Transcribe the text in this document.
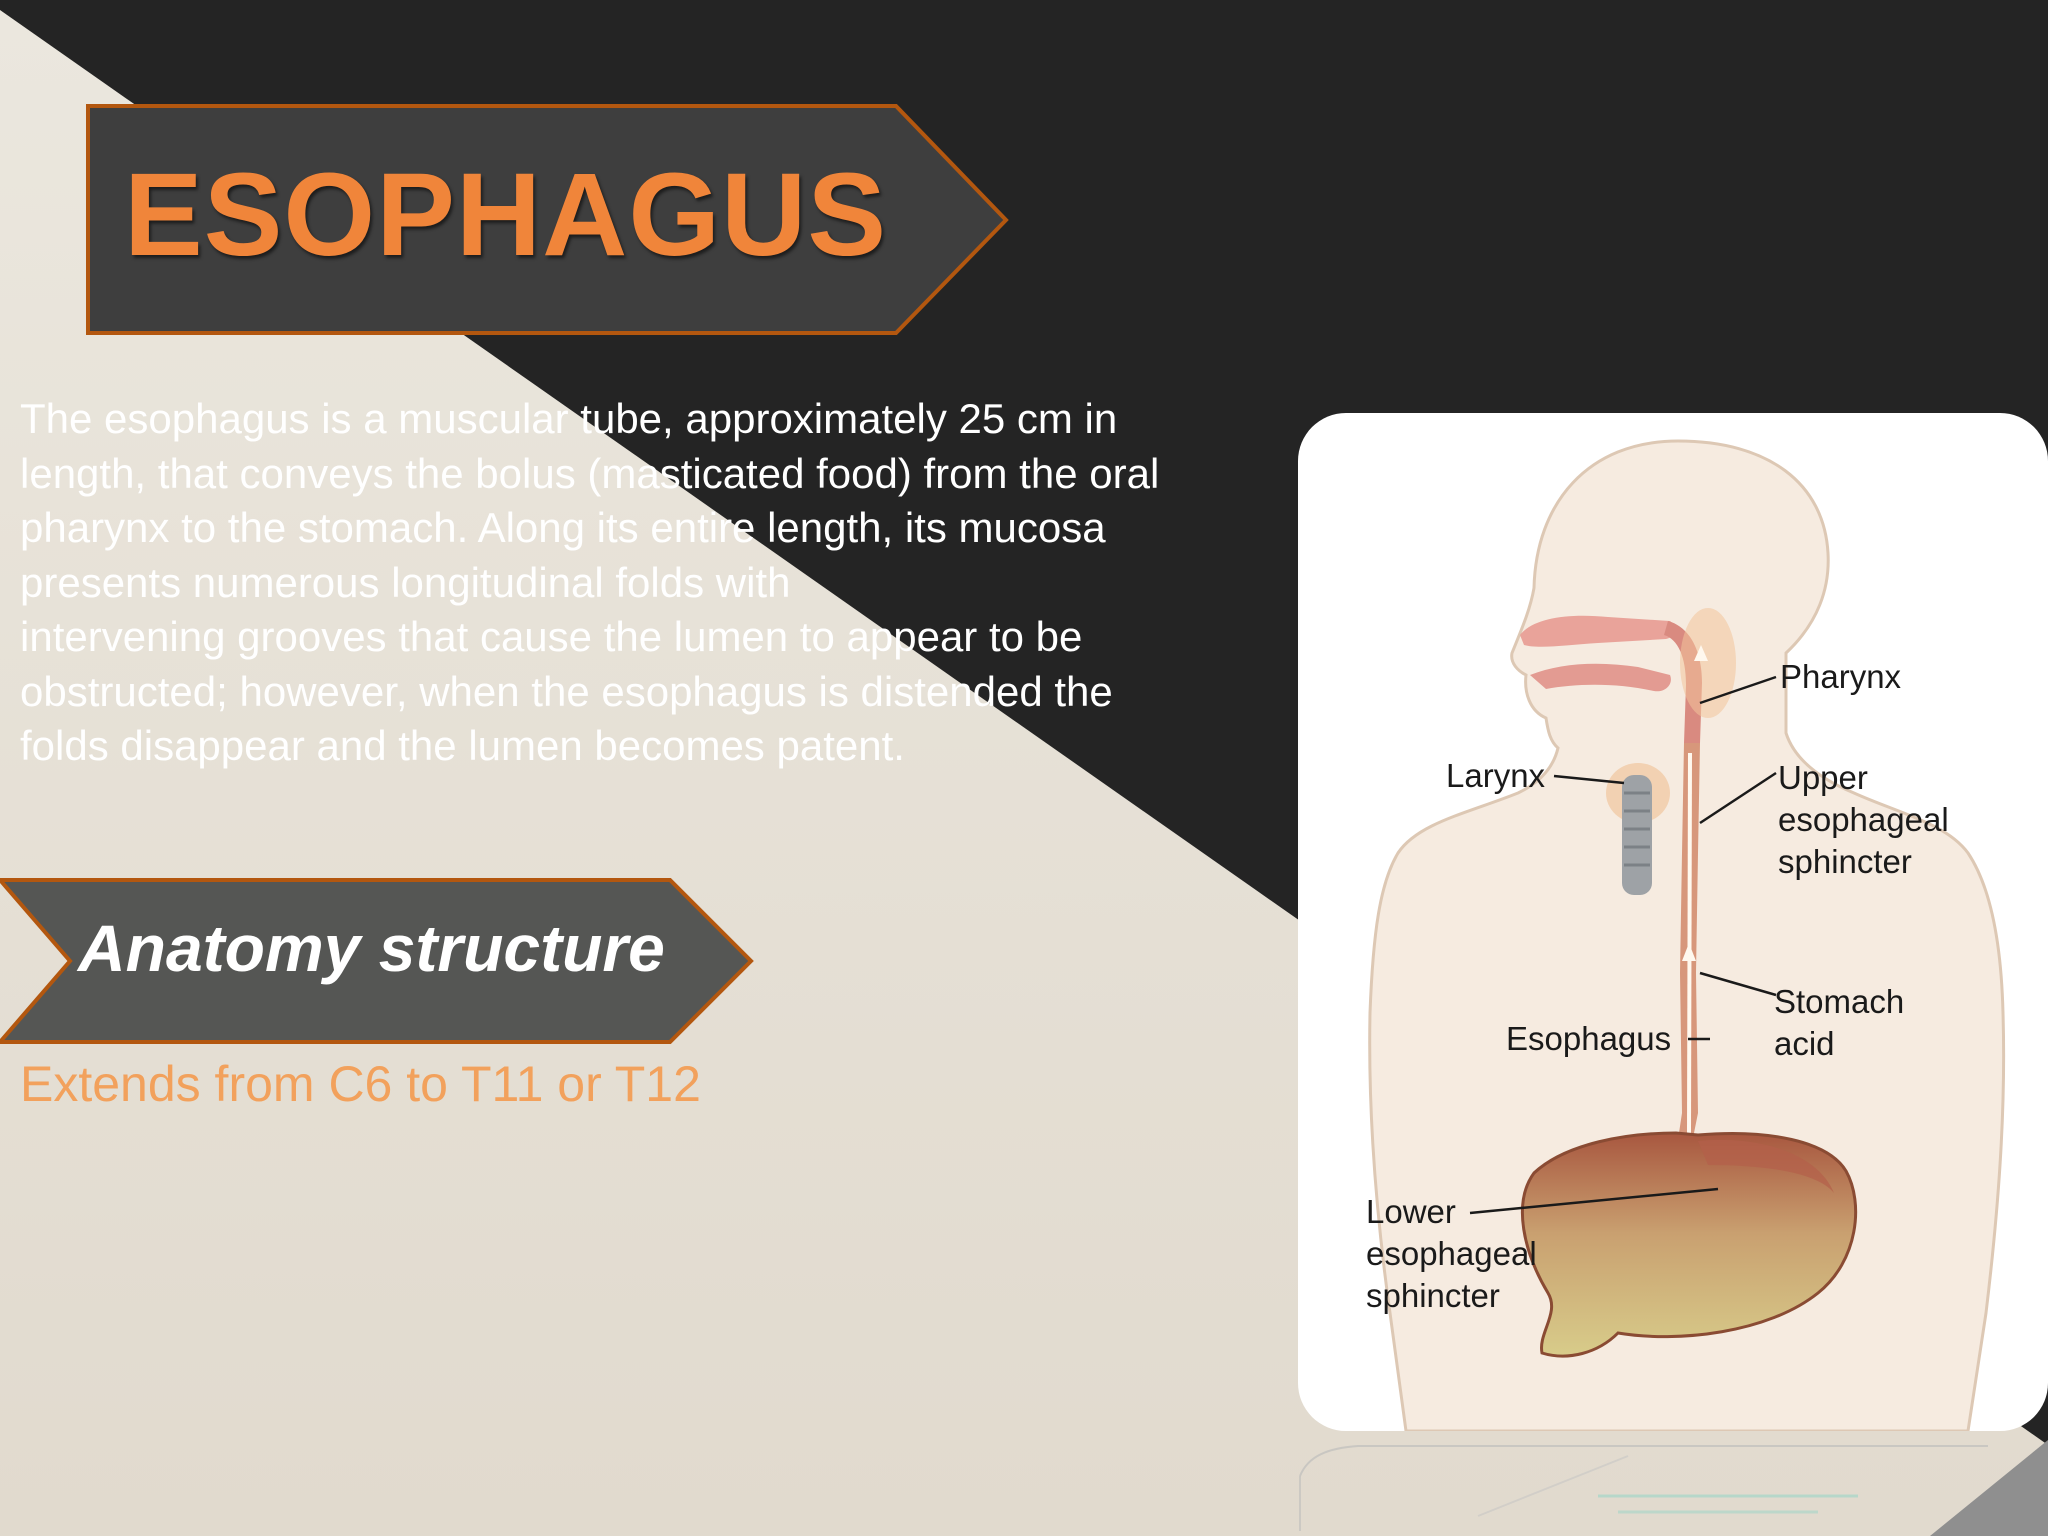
ESOPHAGUS

The esophagus is a muscular tube, approximately 25 cm in
length, that conveys the bolus (masticated food) from the oral
pharynx to the stomach. Along its entire length, its mucosa
presents numerous longitudinal folds with
intervening grooves that cause the lumen to appear to be
obstructed; however, when the esophagus is distended the
folds disappear and the lumen becomes patent.

Anatomy structure

Extends from C6 to T11 or T12

Pharynx
Larynx	Upper
esophageal
sphincter
Stomach
acid
Esophagus
Lower
esophageal
sphincter
